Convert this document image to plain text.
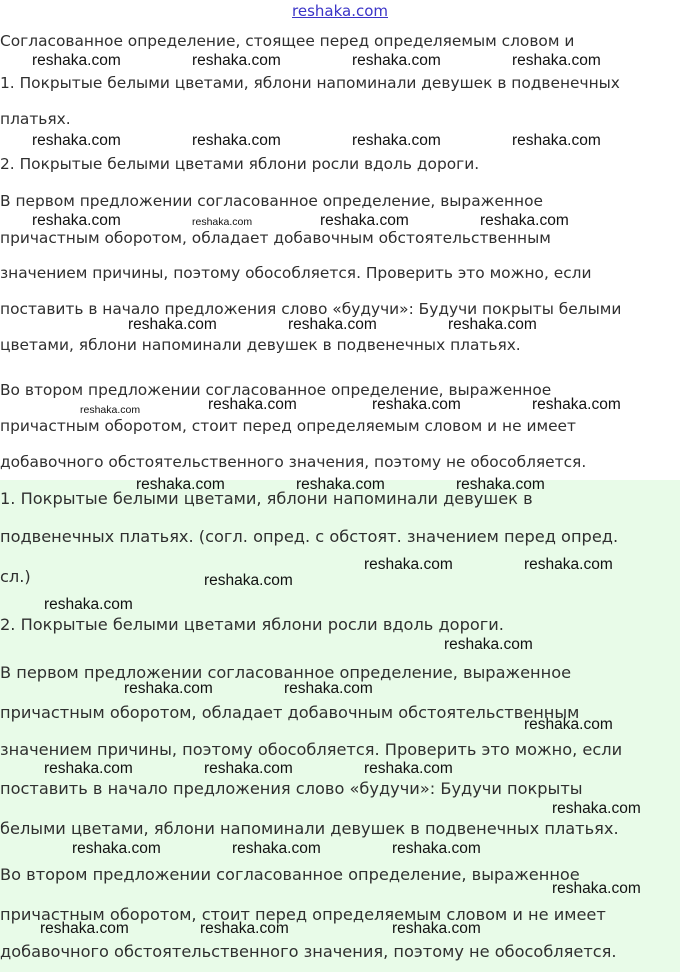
reshaka.com
Согласованное определение, стоящее перед определяемым словом и
1. Покрытые белыми цветами, яблони напоминали девушек в подвенечных
платьях.
2. Покрытые белыми цветами яблони росли вдоль дороги.
В первом предложении согласованное определение, выраженное
причастным оборотом, обладает добавочным обстоятельственным
значением причины, поэтому обособляется. Проверить это можно, если
поставить в начало предложения слово «будучи»: Будучи покрыты белыми
цветами, яблони напоминали девушек в подвенечных платьях.
Во втором предложении согласованное определение, выраженное
причастным оборотом, стоит перед определяемым словом и не имеет
добавочного обстоятельственного значения, поэтому не обособляется.
1. Покрытые белыми цветами, яблони напоминали девушек в
подвенечных платьях. (согл. опред. с обстоят. значением перед опред.
сл.)
2. Покрытые белыми цветами яблони росли вдоль дороги.
В первом предложении согласованное определение, выраженное
причастным оборотом, обладает добавочным обстоятельственным
значением причины, поэтому обособляется. Проверить это можно, если
поставить в начало предложения слово «будучи»: Будучи покрыты
белыми цветами, яблони напоминали девушек в подвенечных платьях.
Во втором предложении согласованное определение, выраженное
причастным оборотом, стоит перед определяемым словом и не имеет
добавочного обстоятельственного значения, поэтому не обособляется.
reshaka.com	reshaka.com	reshaka.com	reshaka.com
reshaka.com	reshaka.com	reshaka.com	reshaka.com
reshaka.com	reshaka.com	reshaka.com	reshaka.com
reshaka.com	reshaka.com	reshaka.com
reshaka.com	reshaka.com	reshaka.com	reshaka.com
reshaka.com	reshaka.com	reshaka.com
reshaka.com	reshaka.com
reshaka.com
reshaka.com
reshaka.com
reshaka.com	reshaka.com
reshaka.com
reshaka.com	reshaka.com	reshaka.com
reshaka.com
reshaka.com	reshaka.com	reshaka.com
reshaka.com
reshaka.com	reshaka.com	reshaka.com
